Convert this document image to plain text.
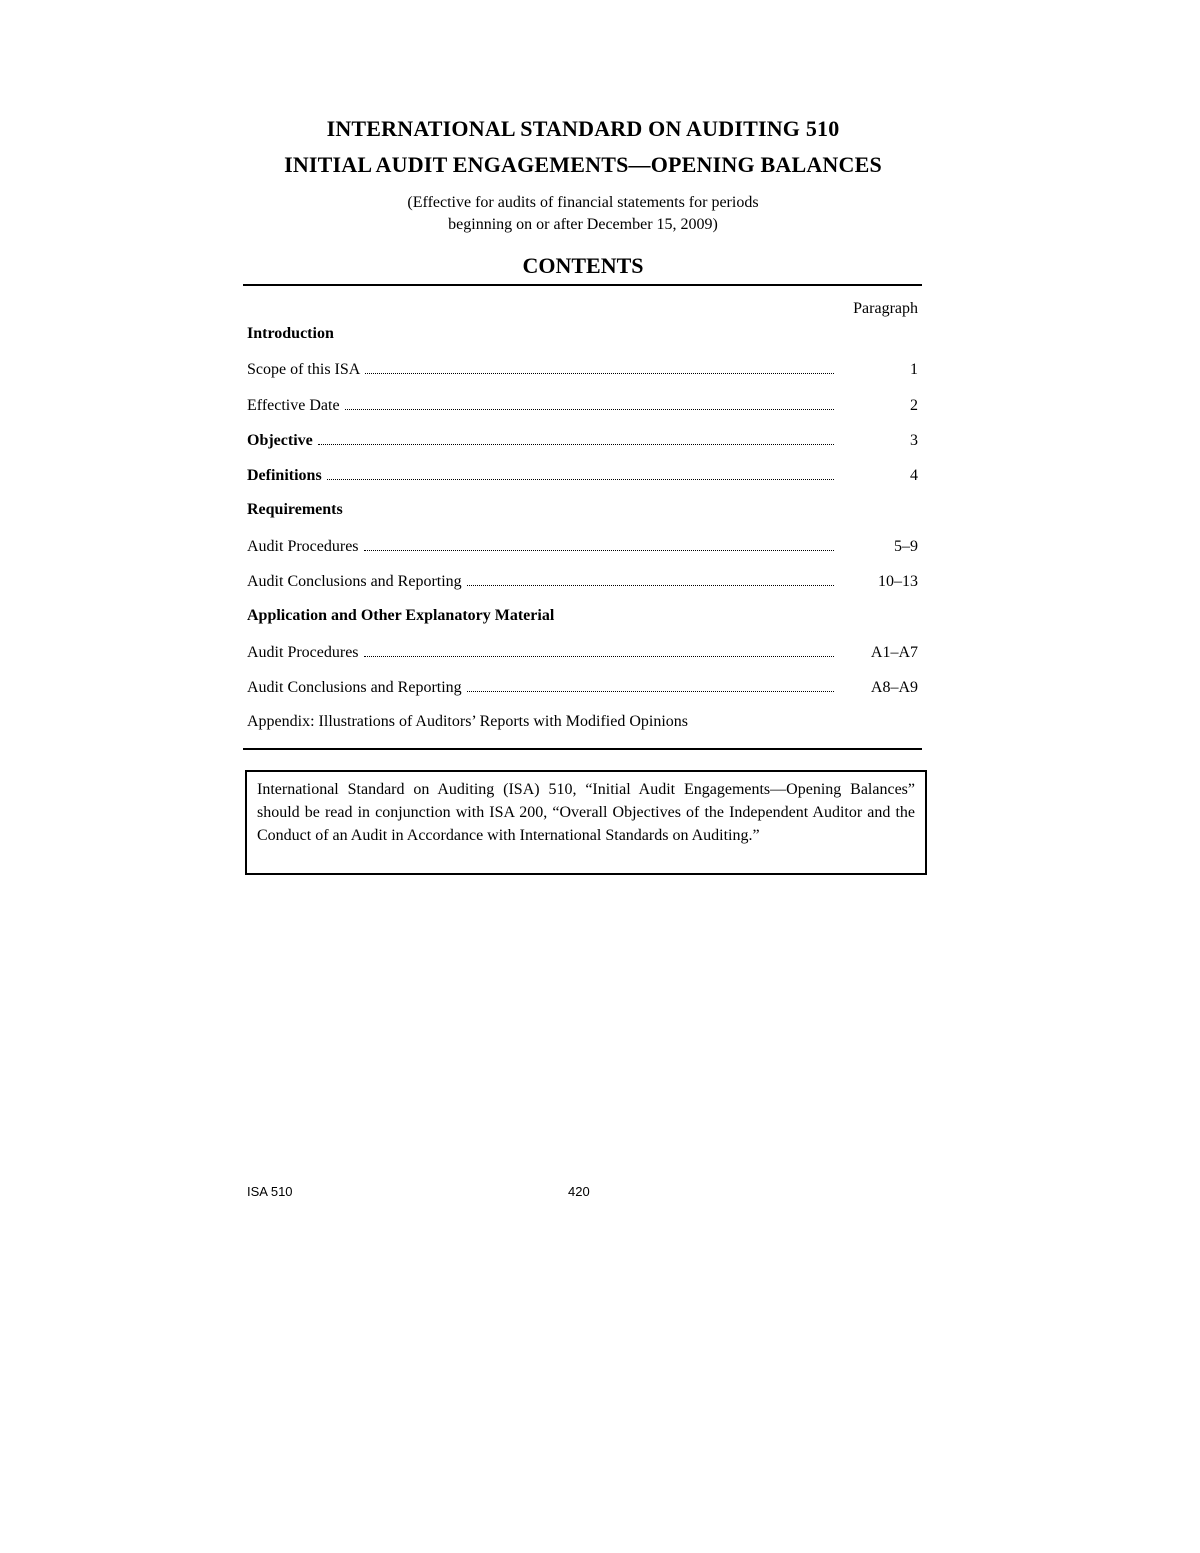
INTERNATIONAL STANDARD ON AUDITING 510
INITIAL AUDIT ENGAGEMENTS—OPENING BALANCES
(Effective for audits of financial statements for periods
beginning on or after December 15, 2009)
CONTENTS
Paragraph
Introduction
Scope of this ISA	1
Effective Date	2
Objective	3
Definitions	4
Requirements
Audit Procedures	5–9
Audit Conclusions and Reporting	10–13
Application and Other Explanatory Material
Audit Procedures	A1–A7
Audit Conclusions and Reporting	A8–A9
Appendix: Illustrations of Auditors’ Reports with Modified Opinions
International Standard on Auditing (ISA) 510, “Initial Audit Engagements—Opening Balances” should be read in conjunction with ISA 200, “Overall Objectives of the Independent Auditor and the Conduct of an Audit in Accordance with International Standards on Auditing.”
ISA 510	420
